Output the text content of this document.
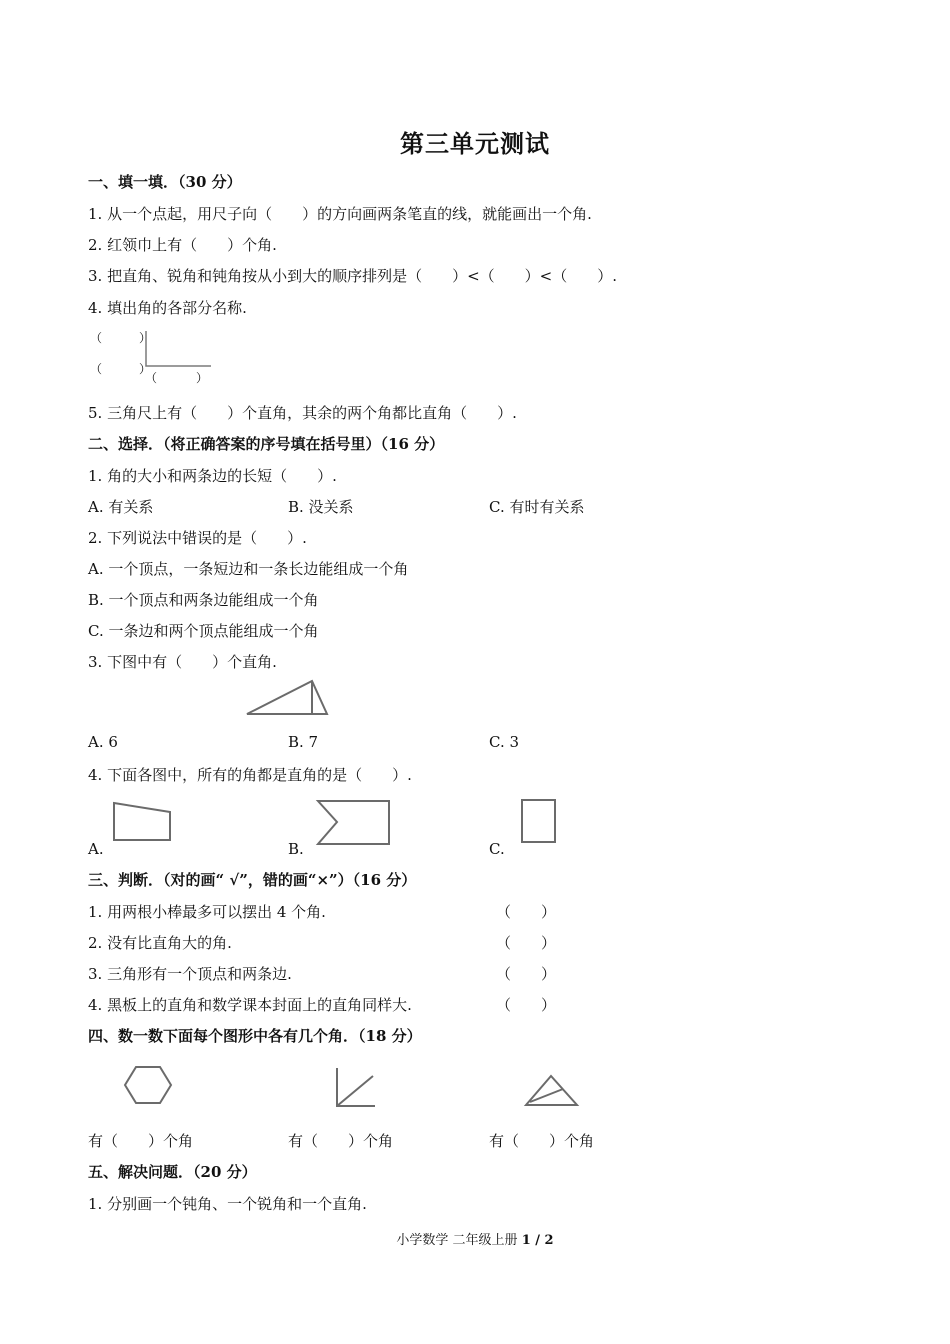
第三单元测试
一、填一填．（30 分）
1. 从一个点起，用尺子向（　　）的方向画两条笔直的线，就能画出一个角.
2. 红领巾上有（　　）个角.
3. 把直角、锐角和钝角按从小到大的顺序排列是（　　）<（　　）<（　　）.
4. 填出角的各部分名称.
（	）
（	）
（	）
5. 三角尺上有（　　）个直角，其余的两个角都比直角（　　）.
二、选择．（将正确答案的序号填在括号里）（16 分）
1. 角的大小和两条边的长短（　　）.
A. 有关系	B. 没关系	C. 有时有关系
2. 下列说法中错误的是（　　）.
A. 一个顶点，一条短边和一条长边能组成一个角
B. 一个顶点和两条边能组成一个角
C. 一条边和两个顶点能组成一个角
3. 下图中有（　　）个直角.
A. 6	B. 7	C. 3
4. 下面各图中，所有的角都是直角的是（　　）.
A.	B.	C.
三、判断．（对的画“ √”，错的画“×”）（16 分）
1. 用两根小棒最多可以摆出 4 个角.	（　　）
2. 没有比直角大的角.	（　　）
3. 三角形有一个顶点和两条边.	（　　）
4. 黑板上的直角和数学课本封面上的直角同样大.	（　　）
四、数一数下面每个图形中各有几个角．（18 分）
有（　　）个角	有（　　）个角	有（　　）个角
五、解决问题．（20 分）
1. 分别画一个钝角、一个锐角和一个直角.
小学数学 二年级上册 1 / 2
